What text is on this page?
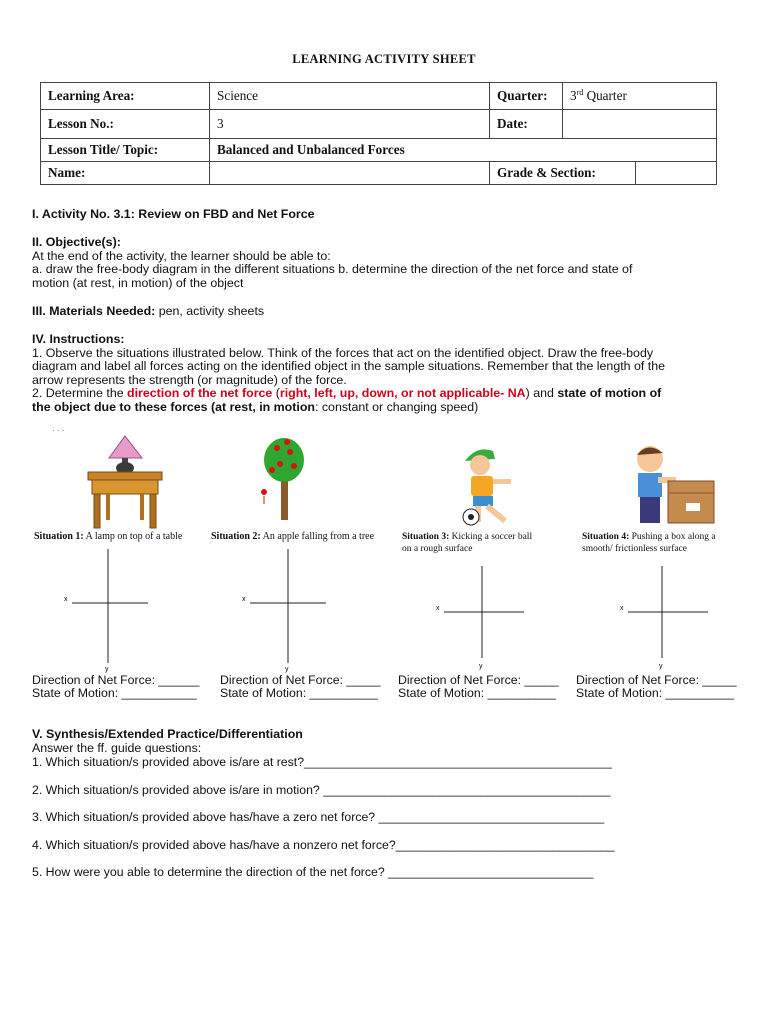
LEARNING ACTIVITY SHEET
Learning Area:	Science	Quarter:	3rd Quarter	
Lesson No.:	3	Date:		
Lesson Title/ Topic:	Balanced and Unbalanced Forces			
Name:		Grade & Section:		
I. Activity No. 3.1: Review on FBD and Net Force
II. Objective(s):
At the end of the activity, the learner should be able to:
a. draw the free-body diagram in the different situations b. determine the direction of the net force and state of
motion (at rest, in motion) of the object
III. Materials Needed: pen, activity sheets
IV. Instructions:
1. Observe the situations illustrated below. Think of the forces that act on the identified object. Draw the free-body
diagram and label all forces acting on the identified object in the sample situations. Remember that the length of the
arrow represents the strength (or magnitude) of the force.
2. Determine the direction of the net force (right, left, up, down, or not applicable- NA) and state of motion of
the object due to these forces (at rest, in motion: constant or changing speed)
· · ·
Situation 1: A lamp on top of a table	Situation 2: An apple falling from a tree	Situation 3: Kicking a soccer ball
on a rough surface
Situation 4: Pushing a box along a
smooth/ frictionless surface
x
y
x
y
x
y
x
y
Direction of Net Force: ______
State of Motion: ___________
Direction of Net Force: _____
State of Motion: __________
Direction of Net Force: _____
State of Motion: __________
Direction of Net Force: _____
State of Motion: __________
V. Synthesis/Extended Practice/Differentiation
Answer the ff. guide questions:
1. Which situation/s provided above is/are at rest?_____________________________________________
2. Which situation/s provided above is/are in motion? __________________________________________
3. Which situation/s provided above has/have a zero net force? _________________________________
4. Which situation/s provided above has/have a nonzero net force?________________________________
5. How were you able to determine the direction of the net force? ______________________________
